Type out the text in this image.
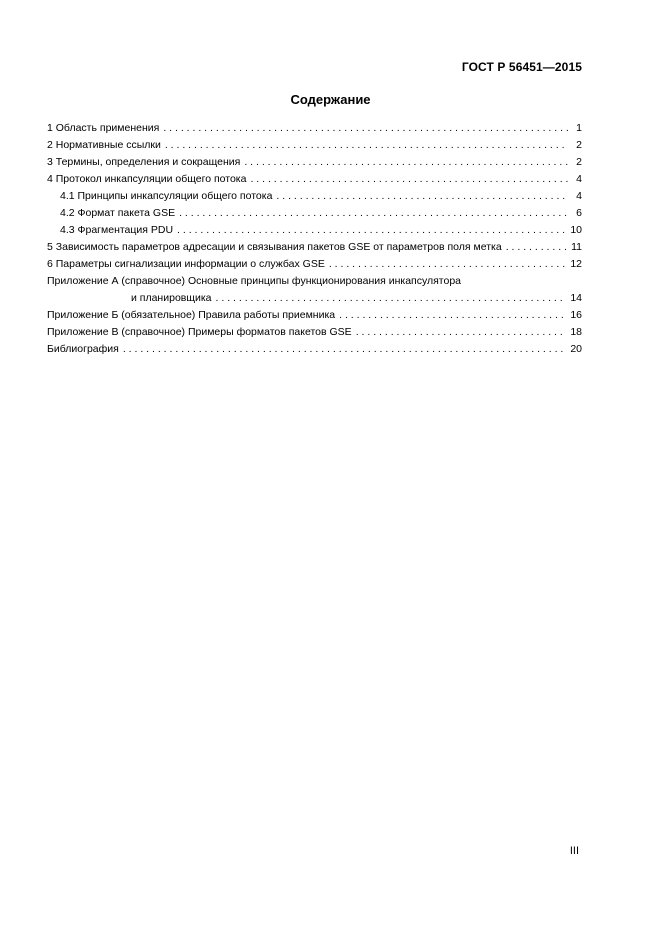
ГОСТ Р 56451—2015
Содержание
1 Область применения . . .	1
2 Нормативные ссылки . . .	2
3 Термины, определения и сокращения . . .	2
4 Протокол инкапсуляции общего потока . . .	4
4.1 Принципы инкапсуляции общего потока . . .	4
4.2 Формат пакета GSE . . .	6
4.3 Фрагментация PDU . . .	10
5 Зависимость параметров адресации и связывания пакетов GSE от параметров поля метка . . .	11
6 Параметры сигнализации информации о службах GSE . . .	12
Приложение А (справочное) Основные принципы функционирования инкапсулятора
и планировщика . . .	14
Приложение Б (обязательное) Правила работы приемника . . .	16
Приложение В (справочное) Примеры форматов пакетов GSE . . .	18
Библиография . . .	20
III
